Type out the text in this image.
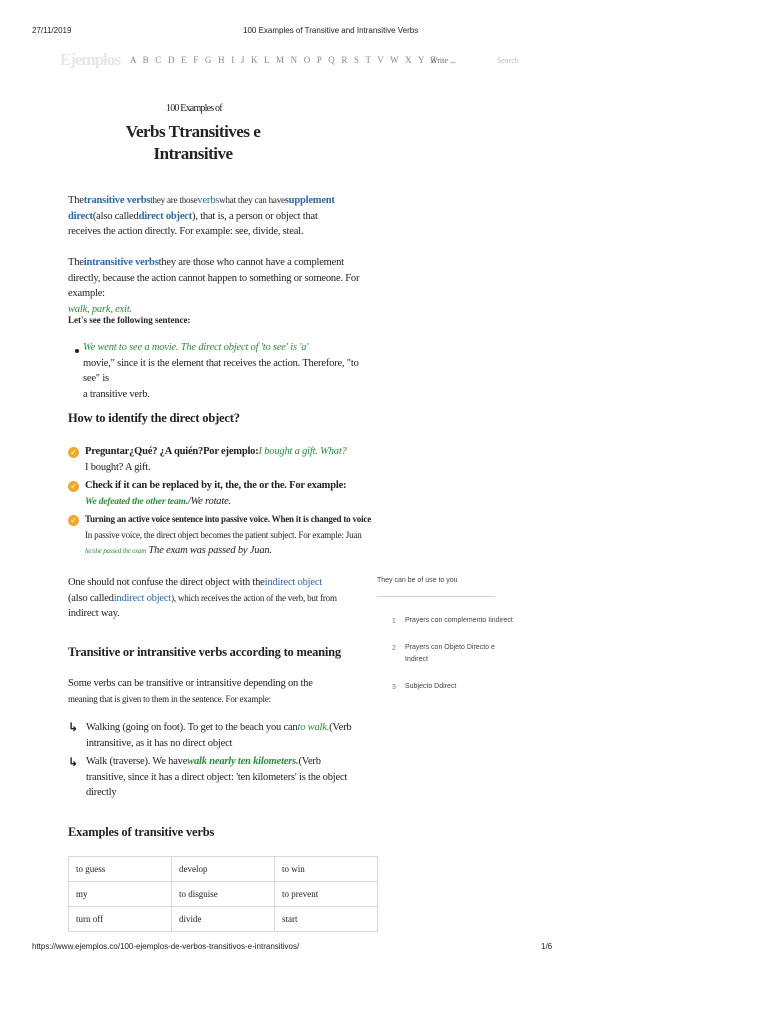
27/11/2019	100 Examples of Transitive and Intransitive Verbs
Ejemplos A B C D E F G H I J K L M N O P Q R S T V W X Y Z
Write ...	Search
100 Examples of
Verbs Ttransitives e
Intransitive
Thetransitive verbsthey are thoseverbswhat they can havesupplement
direct(also calleddirect object), that is, a person or object that
receives the action directly. For example: see, divide, steal.
Theintransitive verbsthey are those who cannot have a complement
directly, because the action cannot happen to something or someone. For example:
walk, park, exit.
Let's see the following sentence:
We went to see a movie. The direct object of 'to see' is 'a'
movie," since it is the element that receives the action. Therefore, "to see" is
a transitive verb.
How to identify the direct object?
✓ Preguntar¿Qué? ¿A quién?Por ejemplo:I bought a gift. What?
I bought? A gift.
✓ Check if it can be replaced by it, the, the or the. For example:
We defeated the other team./We rotate.
✓ Turning an active voice sentence into passive voice. When it is changed to voice
In passive voice, the direct object becomes the patient subject. For example: Juan
he/she passed the exam The exam was passed by Juan.
One should not confuse the direct object with theindirect object
(also calledindirect object), which receives the action of the verb, but from
indirect way.
Transitive or intransitive verbs according to meaning
Some verbs can be transitive or intransitive depending on the
meaning that is given to them in the sentence. For example:
↳ Walking (going on foot). To get to the beach you canto walk.(Verb
intransitive, as it has no direct object
↳ Walk (traverse). We havewalk nearly ten kilometers.(Verb
transitive, since it has a direct object: 'ten kilometers' is the object
directly
Examples of transitive verbs
to guess	develop	to win
my	to disguise	to prevent
turn off	divide	start
They can be of use to you
1 Prayers con complemento Iindirect
2 Prayers con Objeto Directo e
Indirect
3 Subjecto Ddirect
https://www.ejemplos.co/100-ejemplos-de-verbos-transitivos-e-intransitivos/	1/6
